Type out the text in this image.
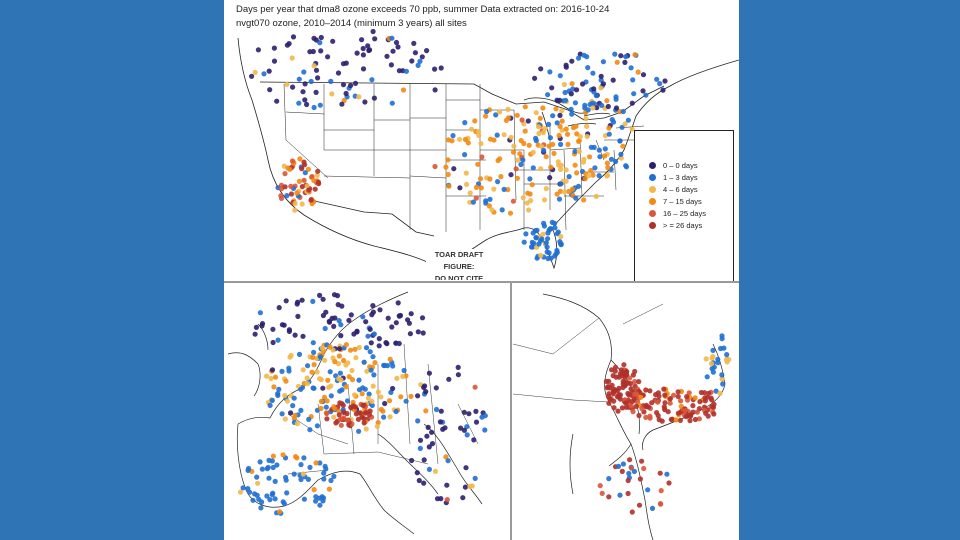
Days per year that dma8 ozone exceeds 70 ppb, summer Data extracted on: 2016-10-24
nvgt070 ozone, 2010–2014 (minimum 3 years) all sites
TOAR DRAFT FIGURE:
DO NOT CITE
0 – 0 days
1 – 3 days
4 – 6 days
7 – 15 days
16 – 25 days
> = 26 days
